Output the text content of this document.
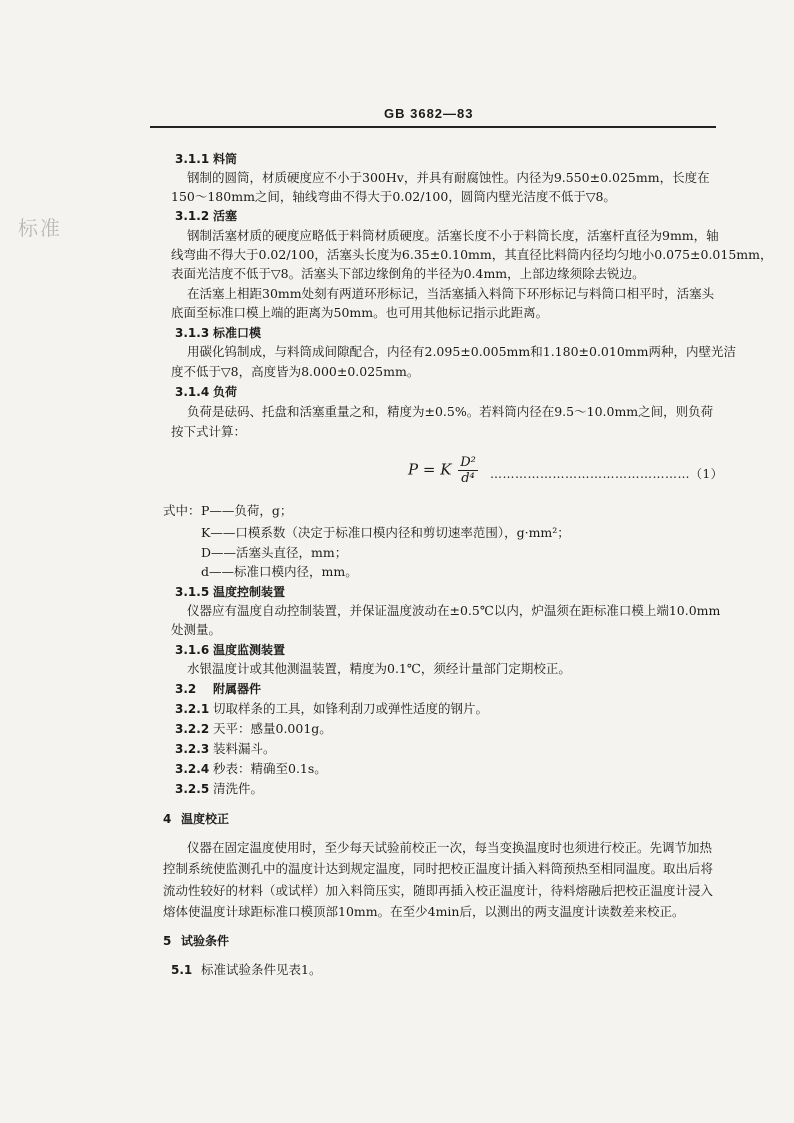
GB 3682—83
标准
3.1.1 料筒
钢制的圆筒，材质硬度应不小于300Hv，并具有耐腐蚀性。内径为9.550±0.025mm，长度在
150～180mm之间，轴线弯曲不得大于0.02/100，圆筒内壁光洁度不低于▽8。
3.1.2 活塞
钢制活塞材质的硬度应略低于料筒材质硬度。活塞长度不小于料筒长度，活塞杆直径为9mm，轴
线弯曲不得大于0.02/100，活塞头长度为6.35±0.10mm，其直径比料筒内径均匀地小0.075±0.015mm，
表面光洁度不低于▽8。活塞头下部边缘倒角的半径为0.4mm，上部边缘须除去锐边。
在活塞上相距30mm处刻有两道环形标记，当活塞插入料筒下环形标记与料筒口相平时，活塞头
底面至标准口模上端的距离为50mm。也可用其他标记指示此距离。
3.1.3 标准口模
用碳化钨制成，与料筒成间隙配合，内径有2.095±0.005mm和1.180±0.010mm两种，内壁光洁
度不低于▽8，高度皆为8.000±0.025mm。
3.1.4 负荷
负荷是砝码、托盘和活塞重量之和，精度为±0.5%。若料筒内径在9.5～10.0mm之间，则负荷
按下式计算：
P = K $\frac{\text{D²}}{\text{d⁴}}$ …………………………………………（1）
式中： P——负荷，g；
K——口模系数（决定于标准口模内径和剪切速率范围），g·mm²；
D——活塞头直径，mm；
d——标准口模内径，mm。
3.1.5 温度控制装置
仪器应有温度自动控制装置，并保证温度波动在±0.5℃以内，炉温须在距标准口模上端10.0mm
处测量。
3.1.6 温度监测装置
水银温度计或其他测温装置，精度为0.1℃，须经计量部门定期校正。
3.2 附属器件
3.2.1 切取样条的工具，如锋利刮刀或弹性适度的钢片。
3.2.2 天平：感量0.001g。
3.2.3 装料漏斗。
3.2.4 秒表：精确至0.1s。
3.2.5 清洗件。
4 温度校正
仪器在固定温度使用时，至少每天试验前校正一次，每当变换温度时也须进行校正。先调节加热
控制系统使监测孔中的温度计达到规定温度，同时把校正温度计插入料筒预热至相同温度。取出后将
流动性较好的材料（或试样）加入料筒压实，随即再插入校正温度计，待料熔融后把校正温度计浸入
熔体使温度计球距标准口模顶部10mm。在至少4min后，以测出的两支温度计读数差来校正。
5 试验条件
5.1 标准试验条件见表1。
